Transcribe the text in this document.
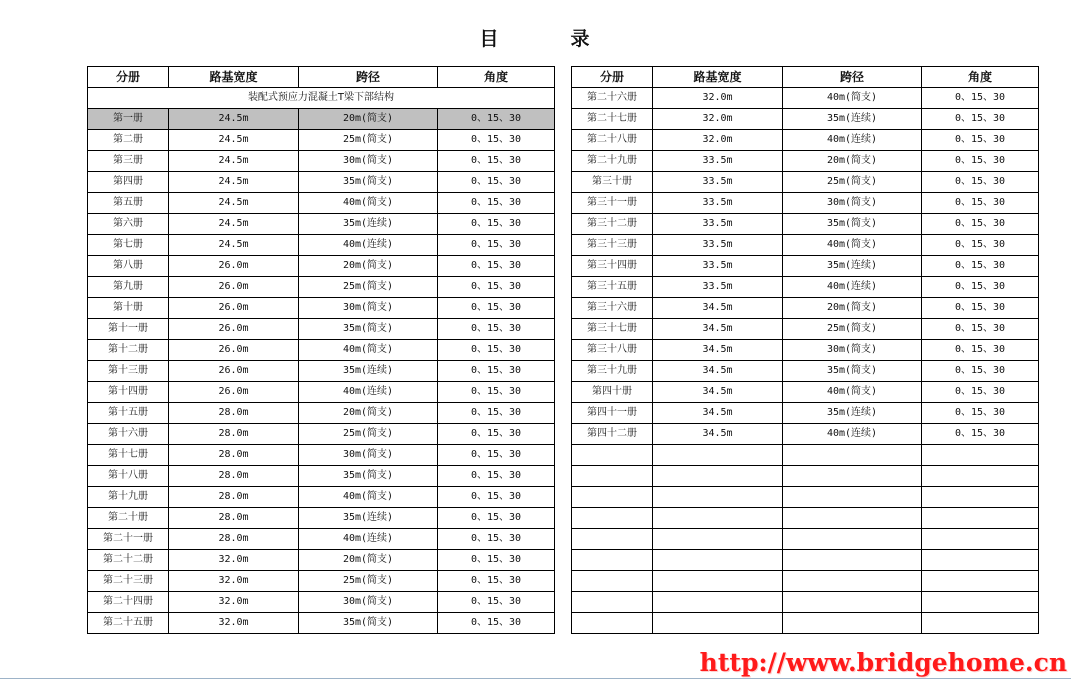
目	录
分册	路基宽度	跨径	角度
装配式预应力混凝土T梁下部结构			
第一册	24.5m	20m(简支)	0、15、30
第二册	24.5m	25m(简支)	0、15、30
第三册	24.5m	30m(简支)	0、15、30
第四册	24.5m	35m(简支)	0、15、30
第五册	24.5m	40m(简支)	0、15、30
第六册	24.5m	35m(连续)	0、15、30
第七册	24.5m	40m(连续)	0、15、30
第八册	26.0m	20m(简支)	0、15、30
第九册	26.0m	25m(简支)	0、15、30
第十册	26.0m	30m(简支)	0、15、30
第十一册	26.0m	35m(简支)	0、15、30
第十二册	26.0m	40m(简支)	0、15、30
第十三册	26.0m	35m(连续)	0、15、30
第十四册	26.0m	40m(连续)	0、15、30
第十五册	28.0m	20m(简支)	0、15、30
第十六册	28.0m	25m(简支)	0、15、30
第十七册	28.0m	30m(简支)	0、15、30
第十八册	28.0m	35m(简支)	0、15、30
第十九册	28.0m	40m(简支)	0、15、30
第二十册	28.0m	35m(连续)	0、15、30
第二十一册	28.0m	40m(连续)	0、15、30
第二十二册	32.0m	20m(简支)	0、15、30
第二十三册	32.0m	25m(简支)	0、15、30
第二十四册	32.0m	30m(简支)	0、15、30
第二十五册	32.0m	35m(简支)	0、15、30
分册	路基宽度	跨径	角度
第二十六册	32.0m	40m(简支)	0、15、30
第二十七册	32.0m	35m(连续)	0、15、30
第二十八册	32.0m	40m(连续)	0、15、30
第二十九册	33.5m	20m(简支)	0、15、30
第三十册	33.5m	25m(简支)	0、15、30
第三十一册	33.5m	30m(简支)	0、15、30
第三十二册	33.5m	35m(简支)	0、15、30
第三十三册	33.5m	40m(简支)	0、15、30
第三十四册	33.5m	35m(连续)	0、15、30
第三十五册	33.5m	40m(连续)	0、15、30
第三十六册	34.5m	20m(简支)	0、15、30
第三十七册	34.5m	25m(简支)	0、15、30
第三十八册	34.5m	30m(简支)	0、15、30
第三十九册	34.5m	35m(简支)	0、15、30
第四十册	34.5m	40m(简支)	0、15、30
第四十一册	34.5m	35m(连续)	0、15、30
第四十二册	34.5m	40m(连续)	0、15、30

http://www.bridgehome.cn
